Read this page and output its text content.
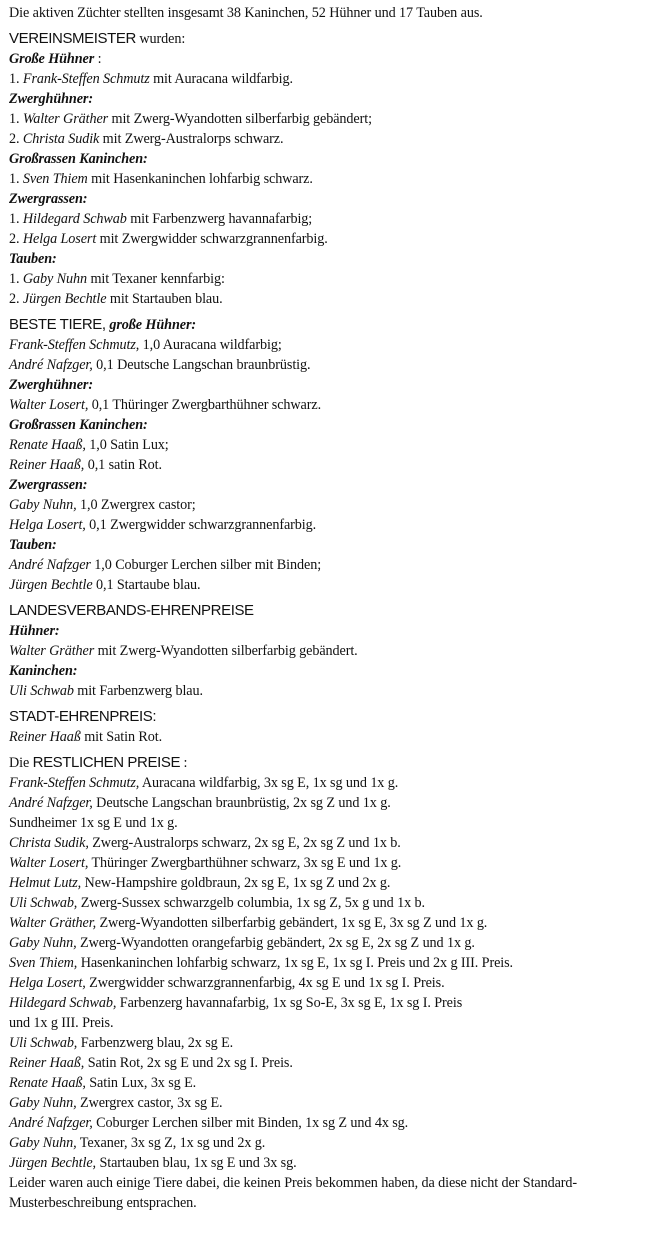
Die aktiven Züchter stellten insgesamt 38 Kaninchen, 52 Hühner und 17 Tauben aus.
VEREINSMEISTER wurden:
Große Hühner :
1. Frank-Steffen Schmutz mit Auracana wildfarbig.
Zwerghühner:
1. Walter Gräther mit Zwerg-Wyandotten silberfarbig gebändert;
2. Christa Sudik mit Zwerg-Australorps schwarz.
Großrassen Kaninchen:
1. Sven Thiem mit Hasenkaninchen lohfarbig schwarz.
Zwergrassen:
1. Hildegard Schwab mit Farbenzwerg havannafarbig;
2. Helga Losert mit Zwergwidder schwarzgrannenfarbig.
Tauben:
1. Gaby Nuhn mit Texaner kennfarbig:
2. Jürgen Bechtle mit Startauben blau.
BESTE TIERE, große Hühner:
Frank-Steffen Schmutz, 1,0 Auracana wildfarbig;
André Nafzger, 0,1 Deutsche Langschan braunbrüstig.
Zwerghühner:
Walter Losert, 0,1 Thüringer Zwergbarthühner schwarz.
Großrassen Kaninchen:
Renate Haaß, 1,0 Satin Lux;
Reiner Haaß, 0,1 satin Rot.
Zwergrassen:
Gaby Nuhn, 1,0 Zwergrex castor;
Helga Losert, 0,1 Zwergwidder schwarzgrannenfarbig.
Tauben:
André Nafzger 1,0 Coburger Lerchen silber mit Binden;
Jürgen Bechtle 0,1 Startaube blau.
LANDESVERBANDS-EHRENPREISE
Hühner:
Walter Gräther mit Zwerg-Wyandotten silberfarbig gebändert.
Kaninchen:
Uli Schwab mit Farbenzwerg blau.
STADT-EHRENPREIS:
Reiner Haaß mit Satin Rot.
Die RESTLICHEN PREISE :
Frank-Steffen Schmutz, Auracana wildfarbig, 3x sg E, 1x sg und 1x g.
André Nafzger, Deutsche Langschan braunbrüstig, 2x sg Z und 1x g.
Sundheimer 1x sg E und 1x g.
Christa Sudik, Zwerg-Australorps schwarz, 2x sg E, 2x sg Z und 1x b.
Walter Losert, Thüringer Zwergbarthühner schwarz, 3x sg E und 1x g.
Helmut Lutz, New-Hampshire goldbraun, 2x sg E, 1x sg Z und 2x g.
Uli Schwab, Zwerg-Sussex schwarzgelb columbia, 1x sg Z, 5x g und 1x b.
Walter Gräther, Zwerg-Wyandotten silberfarbig gebändert, 1x sg E, 3x sg Z und 1x g.
Gaby Nuhn, Zwerg-Wyandotten orangefarbig gebändert, 2x sg E, 2x sg Z und 1x g.
Sven Thiem, Hasenkaninchen lohfarbig schwarz, 1x sg E, 1x sg I. Preis und 2x g III. Preis.
Helga Losert, Zwergwidder schwarzgrannenfarbig, 4x sg E und 1x sg I. Preis.
Hildegard Schwab, Farbenzerg havannafarbig, 1x sg So-E, 3x sg E, 1x sg I. Preis
und 1x g III. Preis.
Uli Schwab, Farbenzwerg blau, 2x sg E.
Reiner Haaß, Satin Rot, 2x sg E und 2x sg I. Preis.
Renate Haaß, Satin Lux, 3x sg E.
Gaby Nuhn, Zwergrex castor, 3x sg E.
André Nafzger, Coburger Lerchen silber mit Binden, 1x sg Z und 4x sg.
Gaby Nuhn, Texaner, 3x sg Z, 1x sg und 2x g.
Jürgen Bechtle, Startauben blau, 1x sg E und 3x sg.
Leider waren auch einige Tiere dabei, die keinen Preis bekommen haben, da diese nicht der Standard-Musterbeschreibung entsprachen.
